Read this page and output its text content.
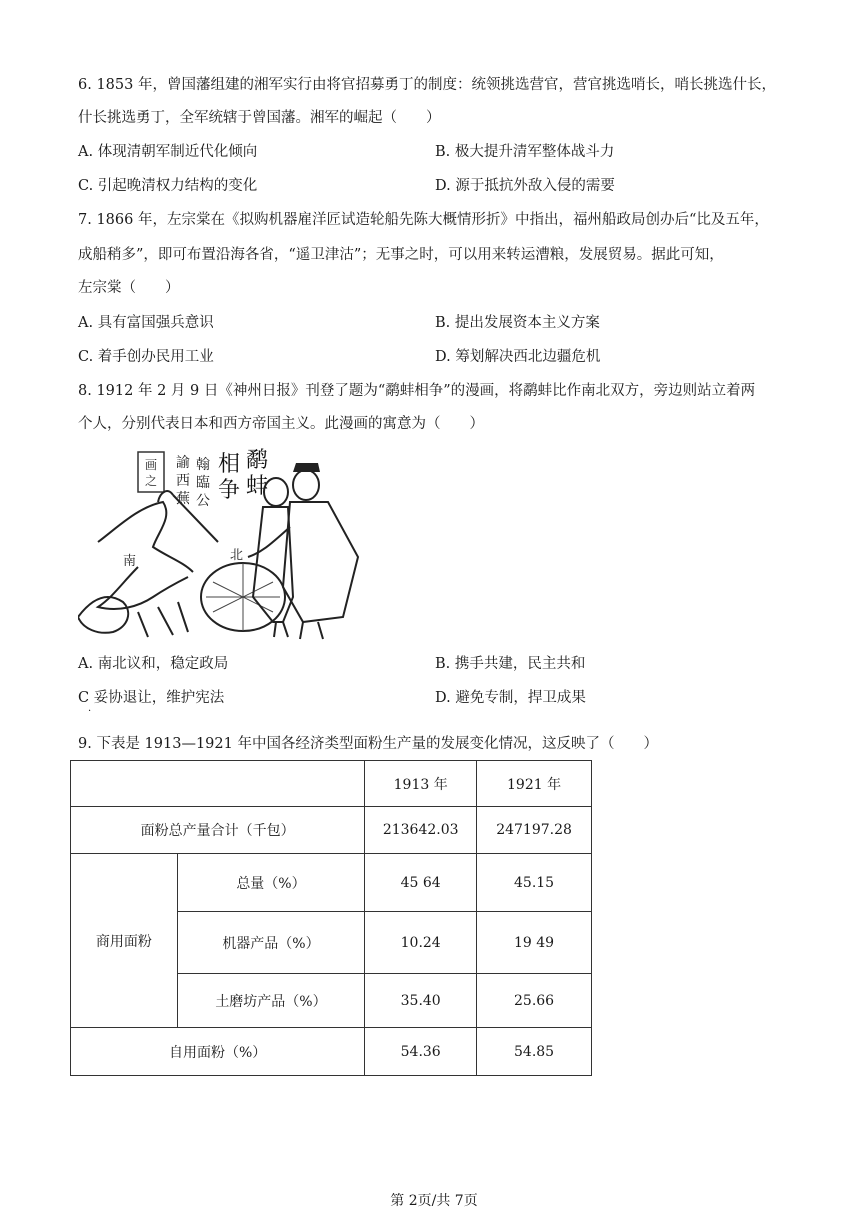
6. 1853 年，曾国藩组建的湘军实行由将官招募勇丁的制度：统领挑选营官，营官挑选哨长，哨长挑选什长，
什长挑选勇丁，全军统辖于曾国藩。湘军的崛起（　　）
A. 体现清朝军制近代化倾向	B. 极大提升清军整体战斗力
C. 引起晚清权力结构的变化	D. 源于抵抗外敌入侵的需要
7. 1866 年，左宗棠在《拟购机器雇洋匠试造轮船先陈大概情形折》中指出，福州船政局创办后“比及五年，
成船稍多”，即可布置沿海各省，“遥卫津沽”；无事之时，可以用来转运漕粮，发展贸易。据此可知，
左宗棠（　　）
A. 具有富国强兵意识	B. 提出发展资本主义方案
C. 着手创办民用工业	D. 筹划解决西北边疆危机
8. 1912 年 2 月 9 日《神州日报》刊登了题为“鹬蚌相争”的漫画，将鹬蚌比作南北双方，旁边则站立着两
个人，分别代表日本和西方帝国主义。此漫画的寓意为（　　）
画
之
諭
西
蕪
翰
臨
公
相 鹬
争 蚌
南	北
A. 南北议和，稳定政局	B. 携手共建，民主共和
C 妥协退让，维护宪法	D. 避免专制，捍卫成果
·
9. 下表是 1913—1921 年中国各经济类型面粉生产量的发展变化情况，这反映了（　　）
		1913 年	1921 年
面粉总产量合计（千包）		213642.03	247197.28
商用面粉	总量（%）	45 64	45.15
	机器产品（%）	10.24	19 49
	土磨坊产品（%）	35.40	25.66
自用面粉（%）		54.36	54.85
第 2页/共 7页
